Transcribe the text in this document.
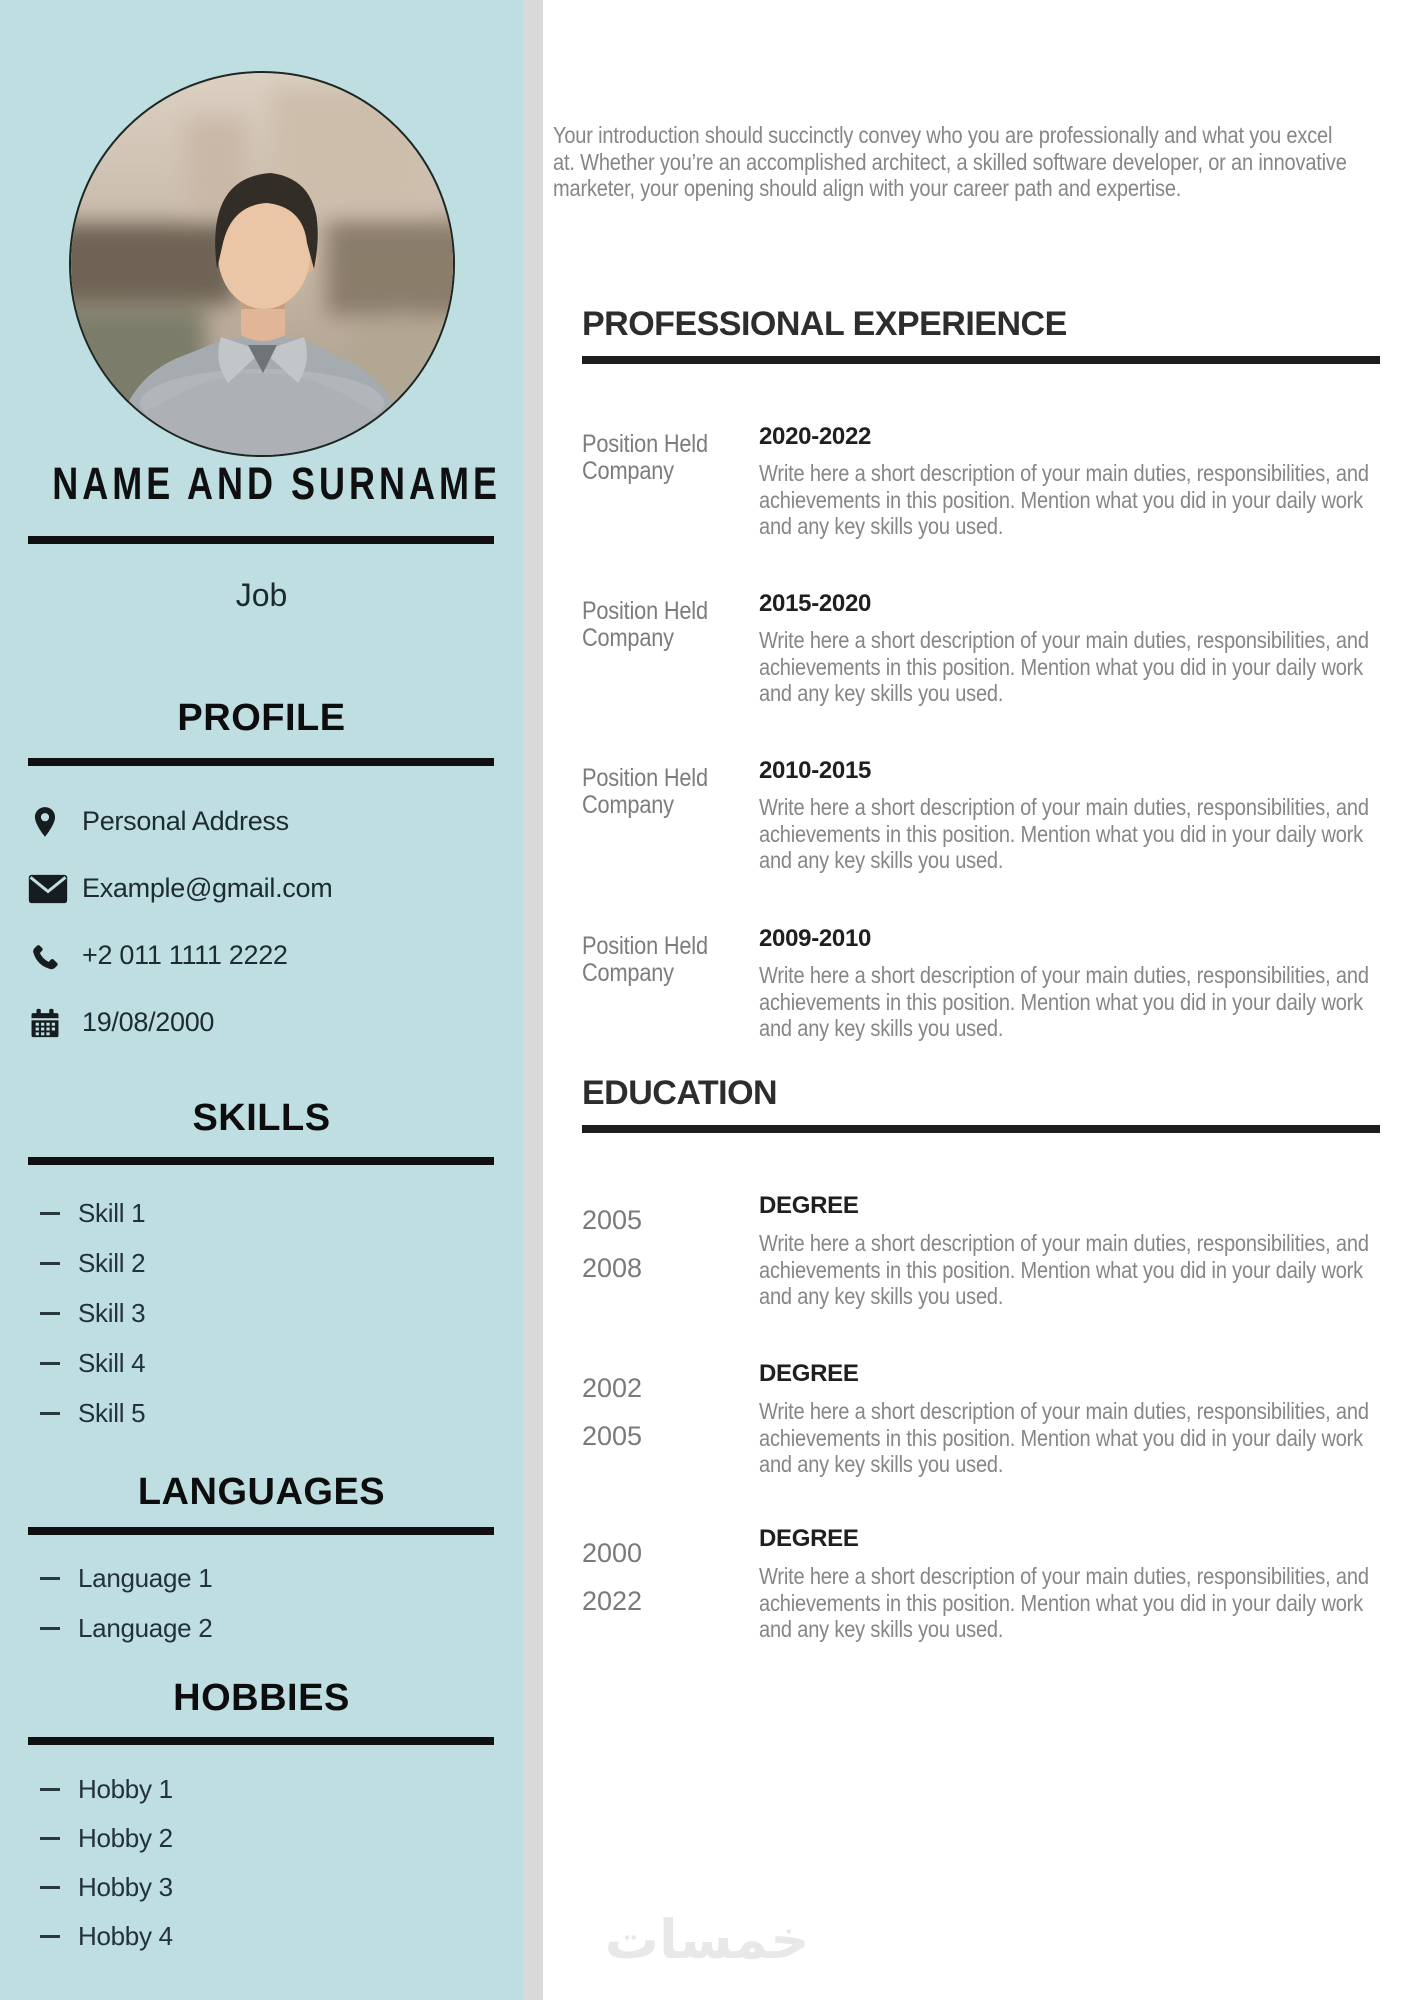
NAME AND SURNAME
Job
PROFILE
Personal Address
Example@gmail.com
+2 011 1111 2222
19/08/2000
SKILLS
Skill 1
Skill 2
Skill 3
Skill 4
Skill 5
LANGUAGES
Language 1
Language 2
HOBBIES
Hobby 1
Hobby 2
Hobby 3
Hobby 4

Your introduction should succinctly convey who you are professionally and what you excel at. Whether you’re an accomplished architect, a skilled software developer, or an innovative marketer, your opening should align with your career path and expertise.

PROFESSIONAL EXPERIENCE
Position Held
Company
2020-2022

Write here a short description of your main duties, responsibilities, and achievements in this position. Mention what you did in your daily work and any key skills you used.

Position Held
Company
2015-2020

Write here a short description of your main duties, responsibilities, and achievements in this position. Mention what you did in your daily work and any key skills you used.

Position Held
Company
2010-2015

Write here a short description of your main duties, responsibilities, and achievements in this position. Mention what you did in your daily work and any key skills you used.

Position Held
Company
2009-2010

Write here a short description of your main duties, responsibilities, and achievements in this position. Mention what you did in your daily work and any key skills you used.

EDUCATION
2005
2008
DEGREE

Write here a short description of your main duties, responsibilities, and achievements in this position. Mention what you did in your daily work and any key skills you used.

2002
2005
DEGREE

Write here a short description of your main duties, responsibilities, and achievements in this position. Mention what you did in your daily work and any key skills you used.

2000
2022
DEGREE

Write here a short description of your main duties, responsibilities, and achievements in this position. Mention what you did in your daily work and any key skills you used.

خمسات
